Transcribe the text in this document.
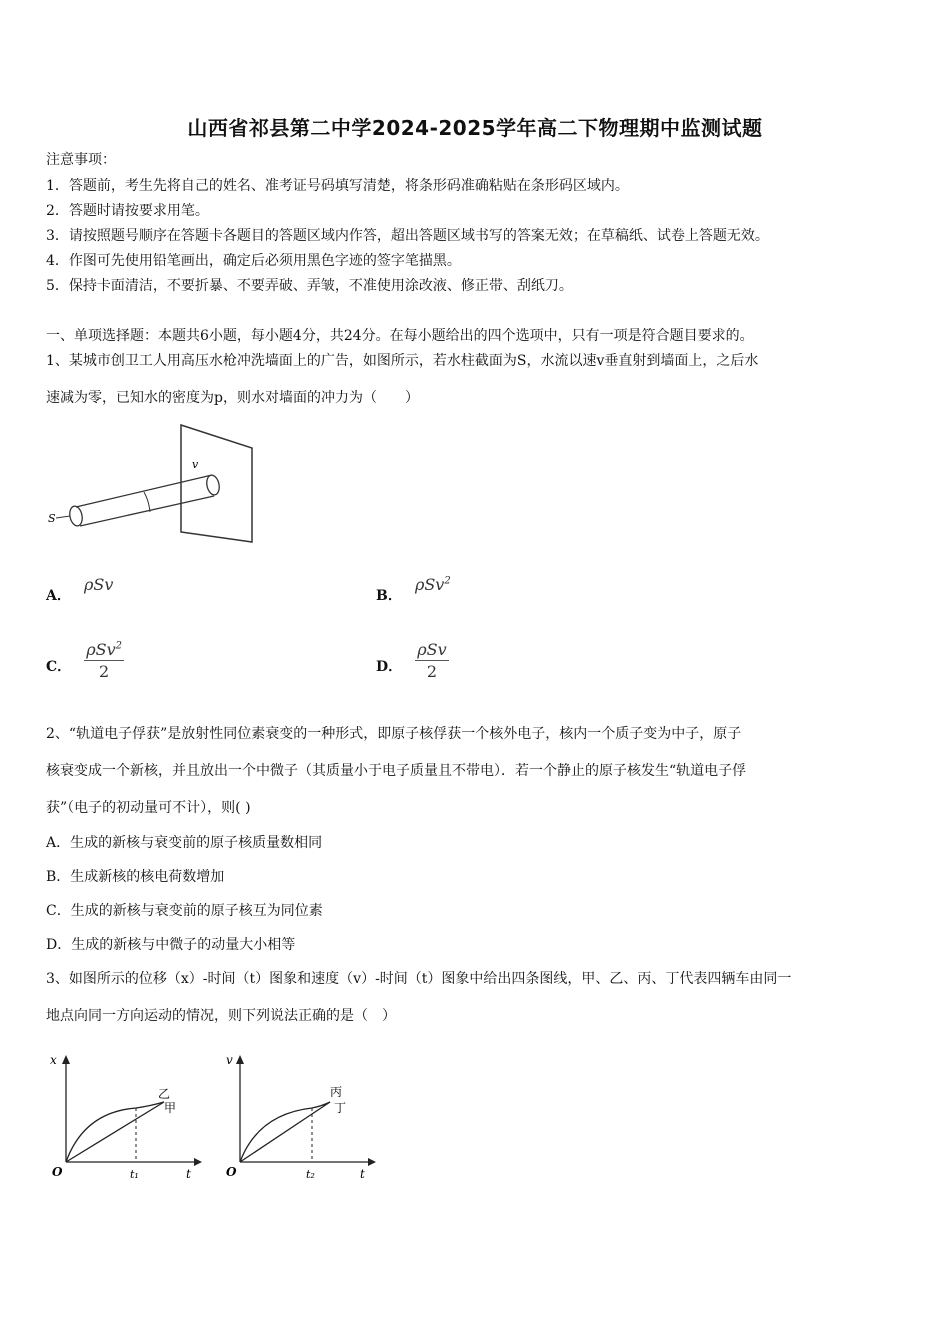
山西省祁县第二中学2024-2025学年高二下物理期中监测试题
注意事项：
1．答题前，考生先将自己的姓名、准考证号码填写清楚，将条形码准确粘贴在条形码区域内。
2．答题时请按要求用笔。
3．请按照题号顺序在答题卡各题目的答题区域内作答，超出答题区域书写的答案无效；在草稿纸、试卷上答题无效。
4．作图可先使用铅笔画出，确定后必须用黑色字迹的签字笔描黑。
5．保持卡面清洁，不要折暴、不要弄破、弄皱，不准使用涂改液、修正带、刮纸刀。
一、单项选择题：本题共6小题，每小题4分，共24分。在每小题给出的四个选项中，只有一项是符合题目要求的。
1、某城市创卫工人用高压水枪冲洗墙面上的广告，如图所示，若水柱截面为S，水流以速v垂直射到墙面上，之后水
速减为零，已知水的密度为p，则水对墙面的冲力为（　　）
S
v
A． ρSv
B． ρSv$^2$
C． $\frac{\rho Sv^2}{2}$	D． $\frac{\text{ρSv}}{2}$
2、“轨道电子俘获”是放射性同位素衰变的一种形式，即原子核俘获一个核外电子，核内一个质子变为中子，原子
核衰变成一个新核，并且放出一个中微子（其质量小于电子质量且不带电）．若一个静止的原子核发生“轨道电子俘
获”（电子的初动量可不计），则( )
A．生成的新核与衰变前的原子核质量数相同
B．生成新核的核电荷数增加
C．生成的新核与衰变前的原子核互为同位素
D．生成的新核与中微子的动量大小相等
3、如图所示的位移（x）-时间（t）图象和速度（v）-时间（t）图象中给出四条图线，甲、乙、丙、丁代表四辆车由同一
地点向同一方向运动的情况，则下列说法正确的是（　）
x
t
O	t₁
乙
甲
v
t
O	t₂
丙
丁
